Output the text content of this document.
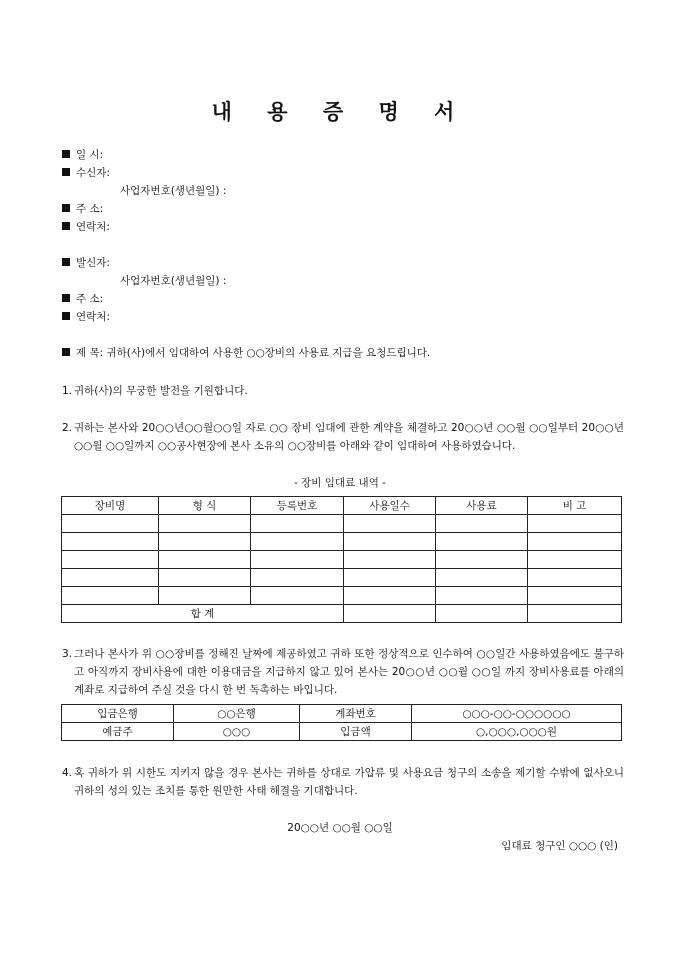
내 용 증 명 서
일 시:
수신자:
사업자번호(생년월일) :
주 소:
연락처:
발신자:
사업자번호(생년월일) :
주 소:
연락처:
제 목: 귀하(사)에서 임대하여 사용한 ○○장비의 사용료 지급을 요청드립니다.
1. 귀하(사)의 무궁한 발전을 기원합니다.
2. 귀하는 본사와 20○○년○○월○○일 자로 ○○ 장비 임대에 관한 계약을 체결하고 20○○년 ○○월 ○○일부터 20○○년 ○○월 ○○일까지 ○○공사현장에 본사 소유의 ○○장비를 아래와 같이 임대하여 사용하였습니다.
- 장비 임대료 내역 -
장비명	형 식	등록번호	사용일수	사용료	비 고

합 계					
3. 그러나 본사가 위 ○○장비를 정해진 날짜에 제공하였고 귀하 또한 정상적으로 인수하여 ○○일간 사용하였음에도 불구하고 아직까지 장비사용에 대한 이용대금을 지급하지 않고 있어 본사는 20○○년 ○○월 ○○일 까지 장비사용료를 아래의 계좌로 지급하여 주실 것을 다시 한 번 독촉하는 바입니다.
입금은행	○○은행	계좌번호	○○○-○○-○○○○○○
예금주	○○○	입금액	○,○○○,○○○원
4. 혹 귀하가 위 시한도 지키지 않을 경우 본사는 귀하를 상대로 가압류 및 사용요금 청구의 소송을 제기할 수밖에 없사오니 귀하의 성의 있는 조치를 통한 원만한 사태 해결을 기대합니다.
20○○년 ○○월 ○○일
임대료 청구인 ○○○ (인)
